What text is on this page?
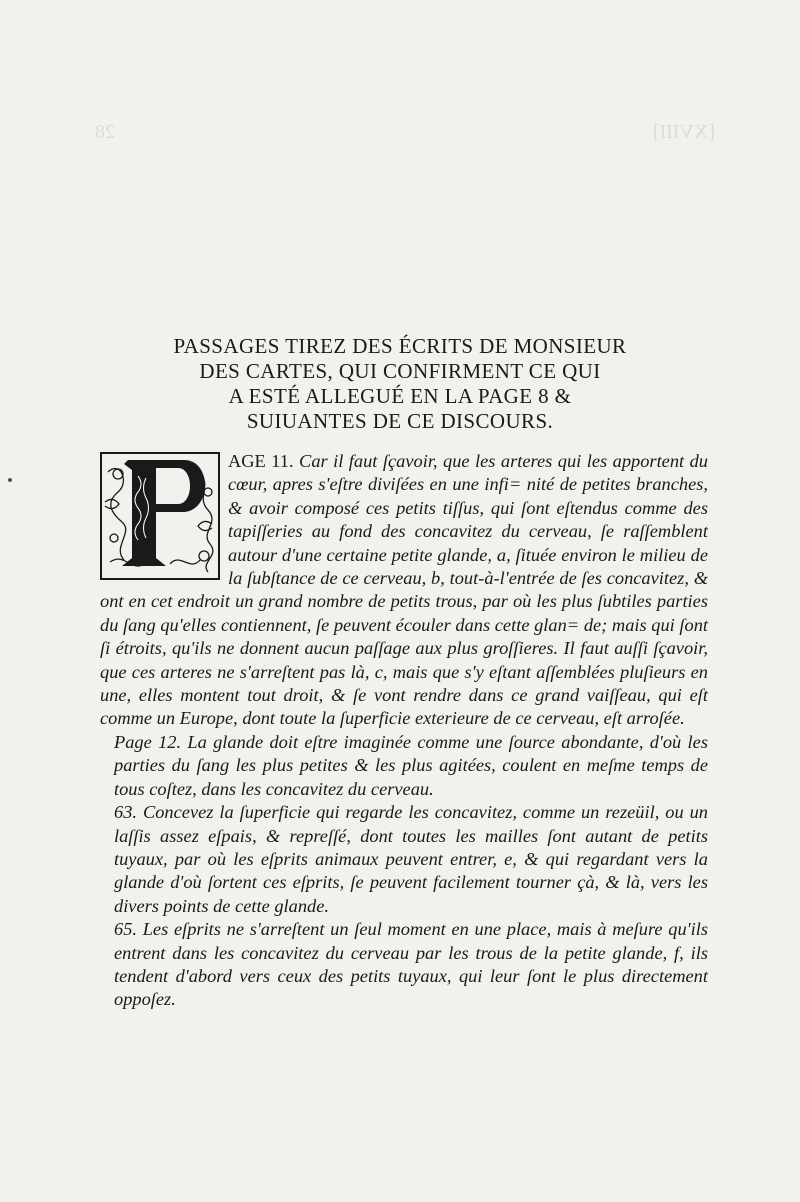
[XVIII]
28
PASSAGES TIREZ DES ÉCRITS DE MONSIEUR
DES CARTES, QUI CONFIRMENT CE QUI
A ESTÉ ALLEGUÉ EN LA PAGE 8 &
SUIUANTES DE CE DISCOURS.

AGE 11. Car il faut ſçavoir, que les arteres qui les apportent du cœur, apres s'eſtre diviſées en une infi= nité de petites branches, & avoir composé ces petits tiſſus, qui ſont eſtendus comme des tapiſſeries au fond des concavitez du cerveau, ſe raſſemblent autour d'une certaine petite glande, a, ſituée environ le milieu de la ſubſtance de ce cerveau, b, tout-à-l'entrée de ſes concavitez, & ont en cet endroit un grand nombre de petits trous, par où les plus ſubtiles parties du ſang qu'elles contiennent, ſe peuvent écouler dans cette glan= de; mais qui ſont ſi étroits, qu'ils ne donnent aucun paſſage aux plus groſſieres. Il faut auſſi ſçavoir, que ces arteres ne s'arreſtent pas là, c, mais que s'y eſtant aſſemblées pluſieurs en une, elles montent tout droit, & ſe vont rendre dans ce grand vaiſſeau, qui eſt comme un Europe, dont toute la ſuperficie exterieure de ce cerveau, eſt arroſée.

Page 12. La glande doit eſtre imaginée comme une ſource abondante, d'où les parties du ſang les plus petites & les plus agitées, coulent en meſme temps de tous coſtez, dans les concavitez du cerveau.

63. Concevez la ſuperficie qui regarde les concavitez, comme un rezeüil, ou un laſſis assez eſpais, & repreſſé, dont toutes les mailles ſont autant de petits tuyaux, par où les eſprits animaux peuvent entrer, e, & qui regardant vers la glande d'où ſortent ces eſprits, ſe peuvent facilement tourner çà, & là, vers les divers points de cette glande.

65. Les eſprits ne s'arreſtent un ſeul moment en une place, mais à meſure qu'ils entrent dans les concavitez du cerveau par les trous de la petite glande, f, ils tendent d'abord vers ceux des petits tuyaux, qui leur ſont le plus directement oppoſez.
